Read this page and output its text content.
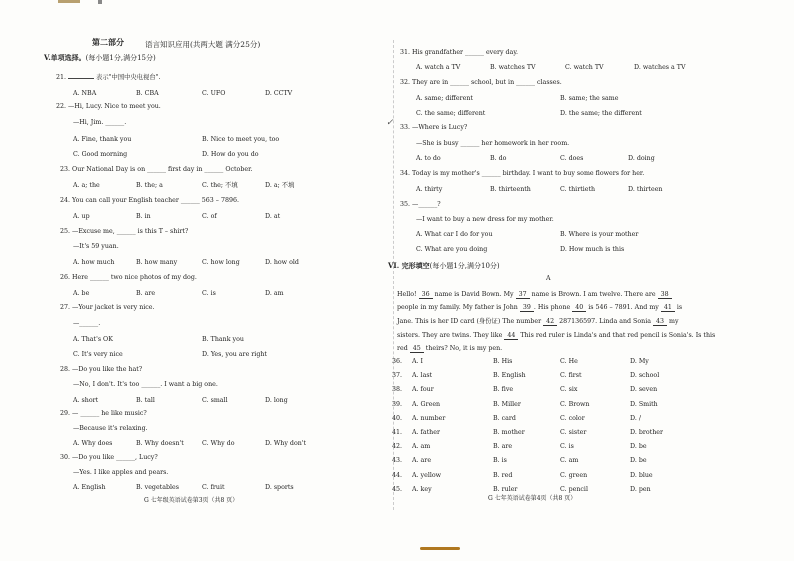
第二部分	语言知识应用(共两大题 满分25分)
V.单项选择。(每小题1分,满分15分)
21.	表示"中国中央电视台".
A. NBA	B. CBA	C. UFO	D. CCTV
22. —Hi, Lucy. Nice to meet you.
—Hi, Jim. ______.
A. Fine, thank you	B. Nice to meet you, too
C. Good morning	D. How do you do
23. Our National Day is on ______ first day in ______ October.
A. a; the	B. the; a	C. the; 不填	D. a; 不填
24. You can call your English teacher ______ 563 – 7896.
A. up	B. in	C. of	D. at
25. —Excuse me, ______ is this T – shirt?
—It's 59 yuan.
A. how much	B. how many	C. how long	D. how old
26. Here ______ two nice photos of my dog.
A. be	B. are	C. is	D. am
27. —Your jacket is very nice.
—______.
A. That's OK	B. Thank you
C. It's very nice	D. Yes, you are right
28. —Do you like the hat?
—No, I don't. It's too ______. I want a big one.
A. short	B. tall	C. small	D. long
29. — ______ he like music?
—Because it's relaxing.
A. Why does	B. Why doesn't	C. Why do	D. Why don't
30. —Do you like ______, Lucy?
—Yes. I like apples and pears.
A. English	B. vegetables	C. fruit	D. sports
G 七年级英语试卷第3页（共8 页）
31. His grandfather ______ every day.
A. watch a TV	B. watches TV	C. watch TV	D. watches a TV
32. They are in ______ school, but in ______ classes.
A. same; different	B. same; the same
C. the same; different	D. the same; the different
✓ 33. —Where is Lucy?
—She is busy ______ her homework in her room.
A. to do	B. do	C. does	D. doing
34. Today is my mother's ______ birthday. I want to buy some flowers for her.
A. thirty	B. thirteenth	C. thirtieth	D. thirteen
35. —______?
—I want to buy a new dress for my mother.
A. What car I do for you	B. Where is your mother
C. What are you doing	D. How much is this
VI. 完形填空(每小题1分,满分10分)
A
Hello! 36 name is David Bown. My 37 name is Brown. I am twelve. There are 38
people in my family. My father is John 39 . His phone 40 is 546 – 7891. And my 41 is
Jane. This is her ID card (身份证) The number 42 287136597. Linda and Sonia 43 my
sisters. They are twins. They like 44 This red ruler is Linda's and that red pencil is Sonia's. Is this
red 45 theirs? No, it is my pen.
36. A. I	B. His	C. He	D. My
37. A. last	B. English	C. first	D. school
38. A. four	B. five	C. six	D. seven
39. A. Green	B. Miller	C. Brown	D. Smith
40. A. number	B. card	C. color	D. /
41. A. father	B. mother	C. sister	D. brother
42. A. am	B. are	C. is	D. be
43. A. are	B. is	C. am	D. be
44. A. yellow	B. red	C. green	D. blue
45. A. key	B. ruler	C. pencil	D. pen
G 七年英语试卷第4页（共8 页）
